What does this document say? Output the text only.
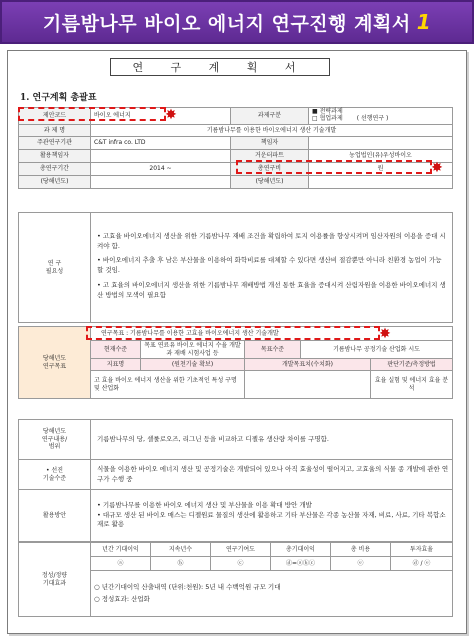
기름밤나무 바이오 에너지 연구진행 계획서 1
연 구 계 획 서
1. 연구계획 총괄표
제안코드	바이오 에너지	과제구분	■ 전략과제
□ 협업과제 ( 선행연구 )
과 제 명	기름밤나무를 이용한 바이오에너지 생산 기술개발		
주관연구기관	C&T infra co. LTD	책임자	
활용책임자		거운터파트	농업법인(유)우성바이오
총연구기간	2014 ~	총연구비	원
(당해년도)		(당해년도)	
연 구
필요성	

• 고효율 바이오에너지 생산을 위한 기름밤나무 재배 조건을 확립하여 토지 이용률을 향상시켜며 임산자원의 이용을 증대 시켜야 함.

• 바이오에너지 추출 후 남은 부산물을 이용하여 화학비료를 대체할 수 있다면 생산비 절감뿐만 아니라 친환경 농업이 가능할 것임.

• 고 효율의 바이오에너지 생산을 위한 기름밤나무 재배방법 개선 통한 효율을 증대시켜 산림자원을 이용한 바이오에너지 생산 방법의 모색이 필요함

당해년도
연구목표	연구목표 : 기름밤나무를 이용한 고효율 바이오에너지 생산 기술개발				
	현재수준	목표 연료유 바이오 에너지 수율 개발과 재배 시험사업 등	목표수준	기름밤나무 공정기술 산업화 시도	
	지표명	(원천기술 확보)	개발목표치(수치화)		판단기준/측정방법
	고 효율 바이오 에너지 생산을 위한 기초적인 특성 구명 및 산업화				효율 실험 및 에너지 효율 분석
당해년도
연구내용/
범위	기름밤나무의 당, 셀룰로오즈, 리그닌 등을 비교하고 디젤유 생산량 차이를 구명함.
• 선진
기술수준	식물을 이용한 바이오 에너지 생산 및 공정기술은 개발되어 있으나 아직 효율성이 떨어지고, 고효율의 식물 종 개발에 관한 연구가 수행 중
활용방안	• 기름밤나무를 이용한 바이오 에너지 생산 및 부산물을 이용 확대 방안 개발
• 대규모 생산 된 바이오 매스는 디젤원료 물질의 생산에 활용하고 기타 부산물은 각종 농산물 자재, 비료, 사료, 기타 복합소재로 활용
정성/정량
기대효과	년간 기대이익	지속년수	연구기여도	총기대이익	총 비용	투자효율
	ⓐ	ⓑ	ⓒ	ⓓ=ⓐⓑⓒ	ⓔ	ⓓ / ⓔ

	○ 년간기대이익 산출내역 (단위:천원): 5년 내 수백억원 규모 기대
○ 정성효과: 산업화					
✸
✸
✸
